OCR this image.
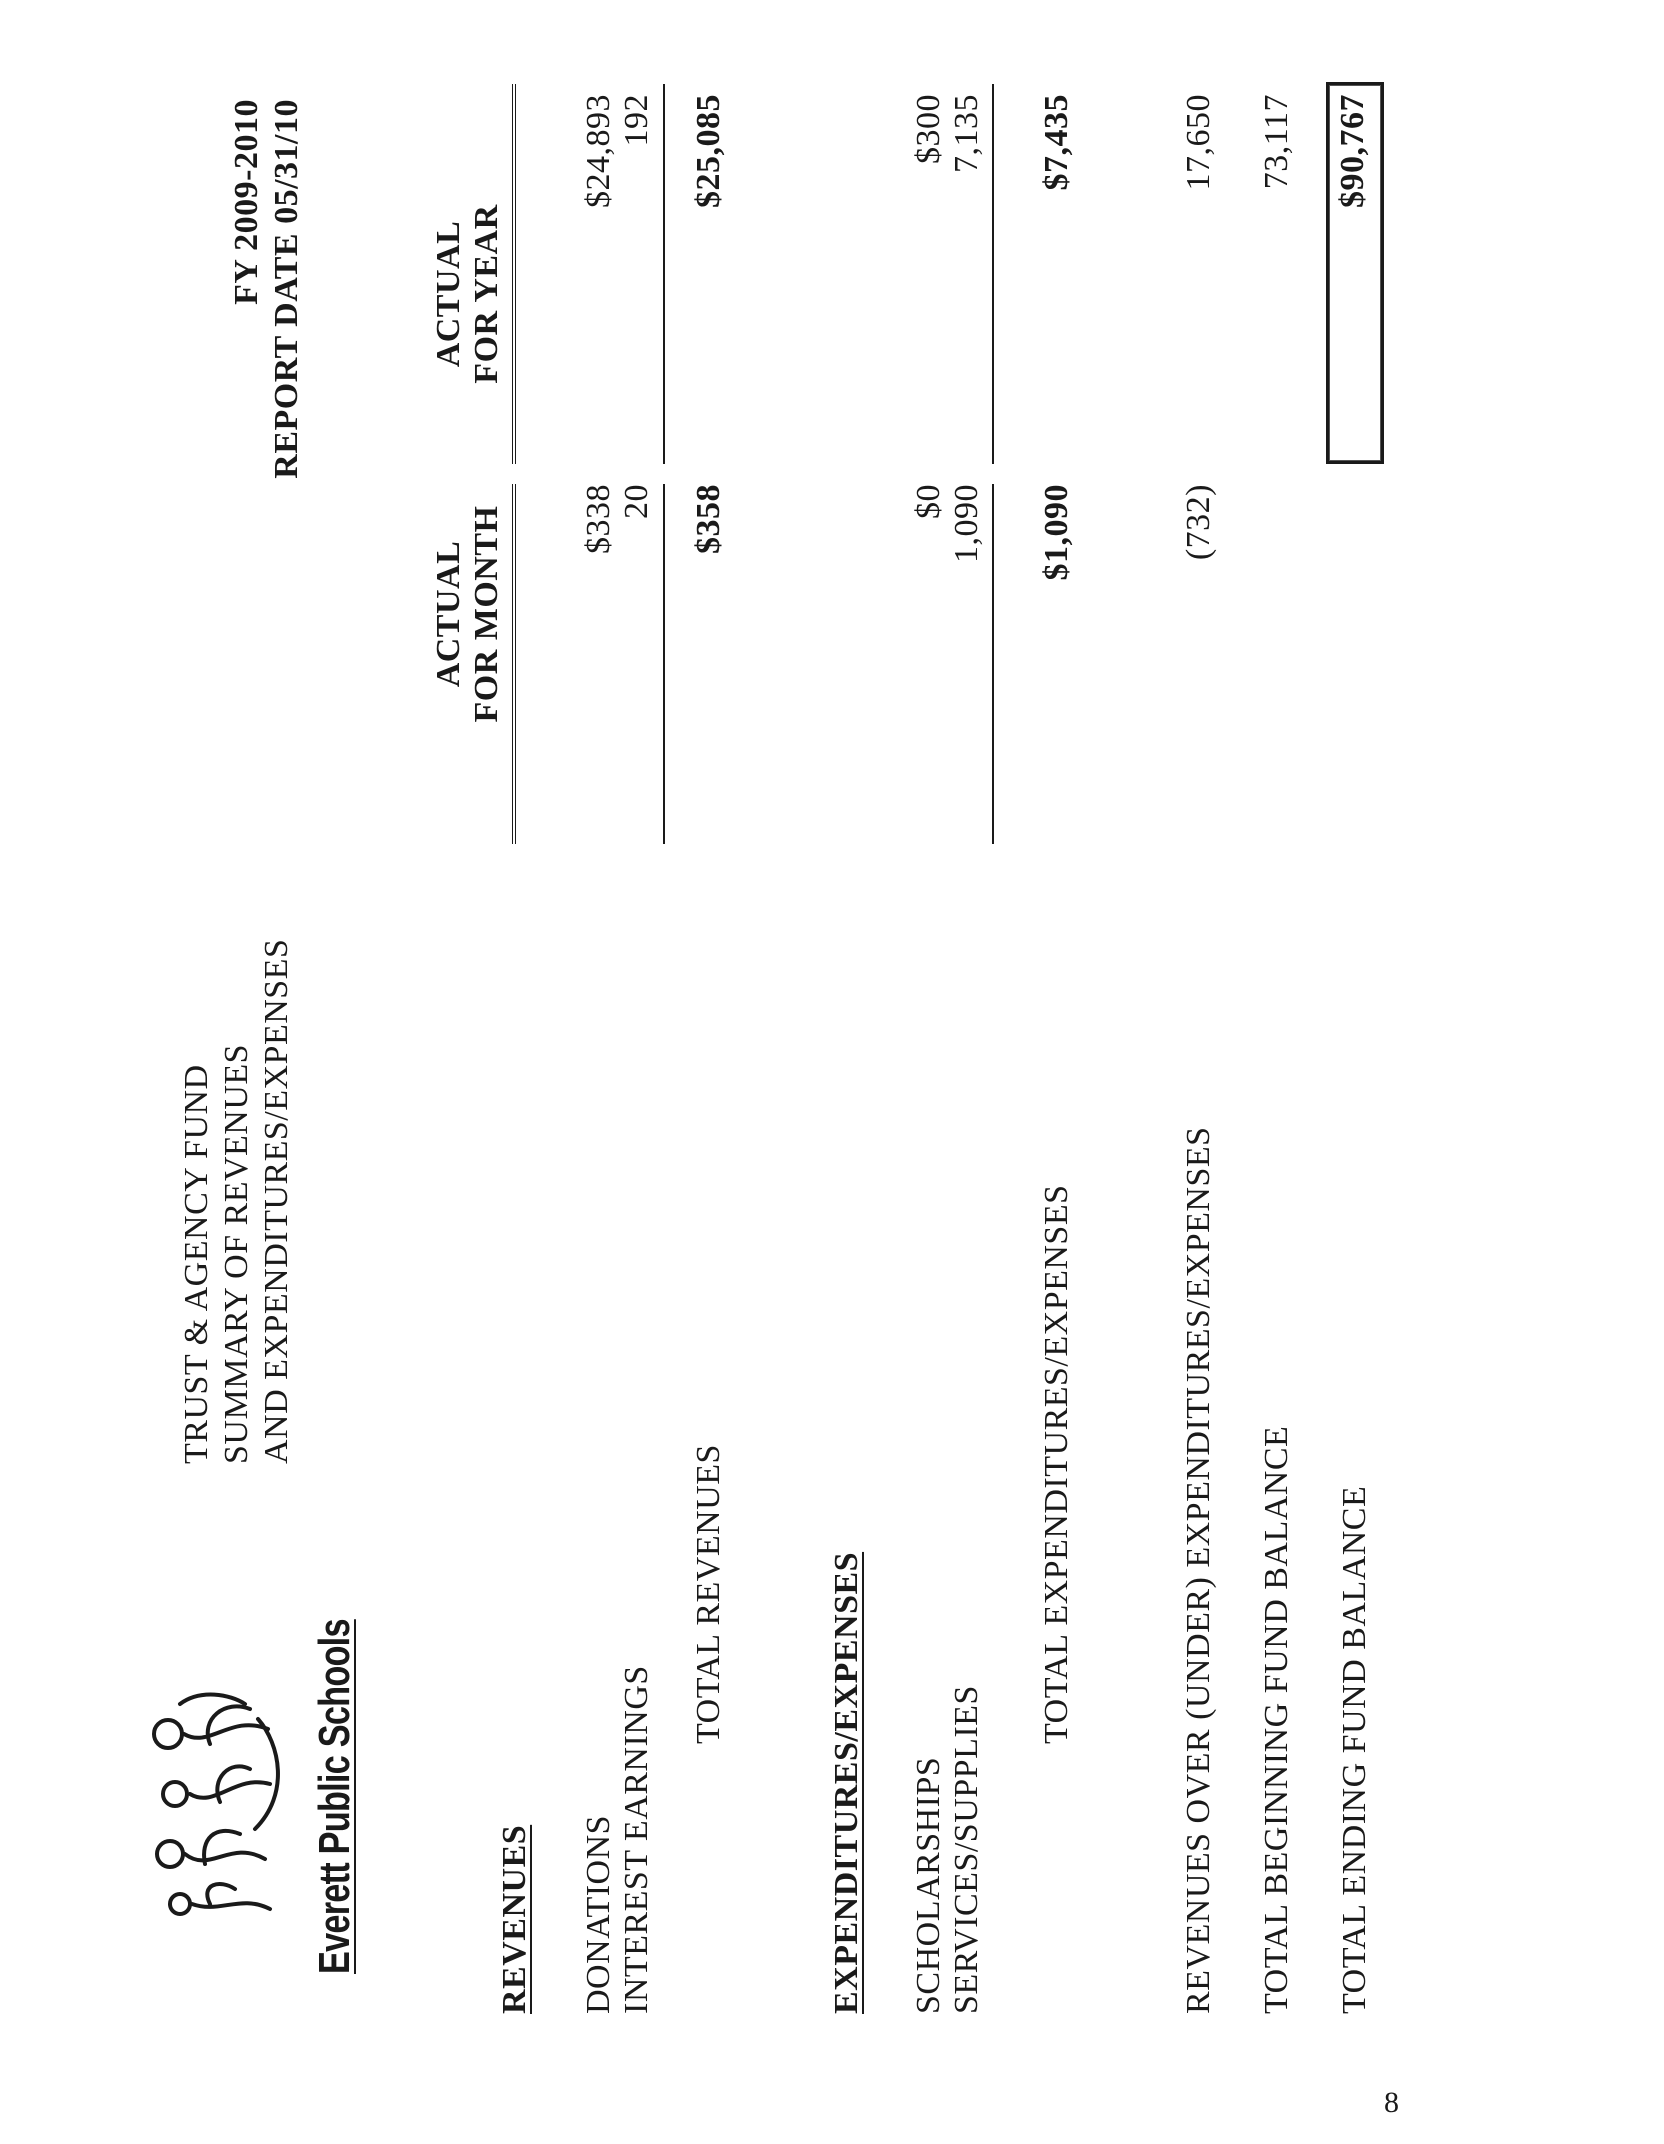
Everett Public Schools
TRUST & AGENCY FUND SUMMARY OF REVENUES AND EXPENDITURES/EXPENSES
FY 2009-2010 REPORT DATE 05/31/10
ACTUAL FOR MONTH
ACTUAL FOR YEAR
REVENUES DONATIONS
$338
$24,893
INTEREST EARNINGS
20
192
TOTAL REVENUES
$358
$25,085
EXPENDITURES/EXPENSES SCHOLARSHIPS
$0
$300
SERVICES/SUPPLIES
1,090
7,135
TOTAL EXPENDITURES/EXPENSES
$1,090
$7,435
REVENUES OVER (UNDER) EXPENDITURES/EXPENSES
(732)
17,650
TOTAL BEGINNING FUND BALANCE
73,117
TOTAL ENDING FUND BALANCE
$90,767
8
